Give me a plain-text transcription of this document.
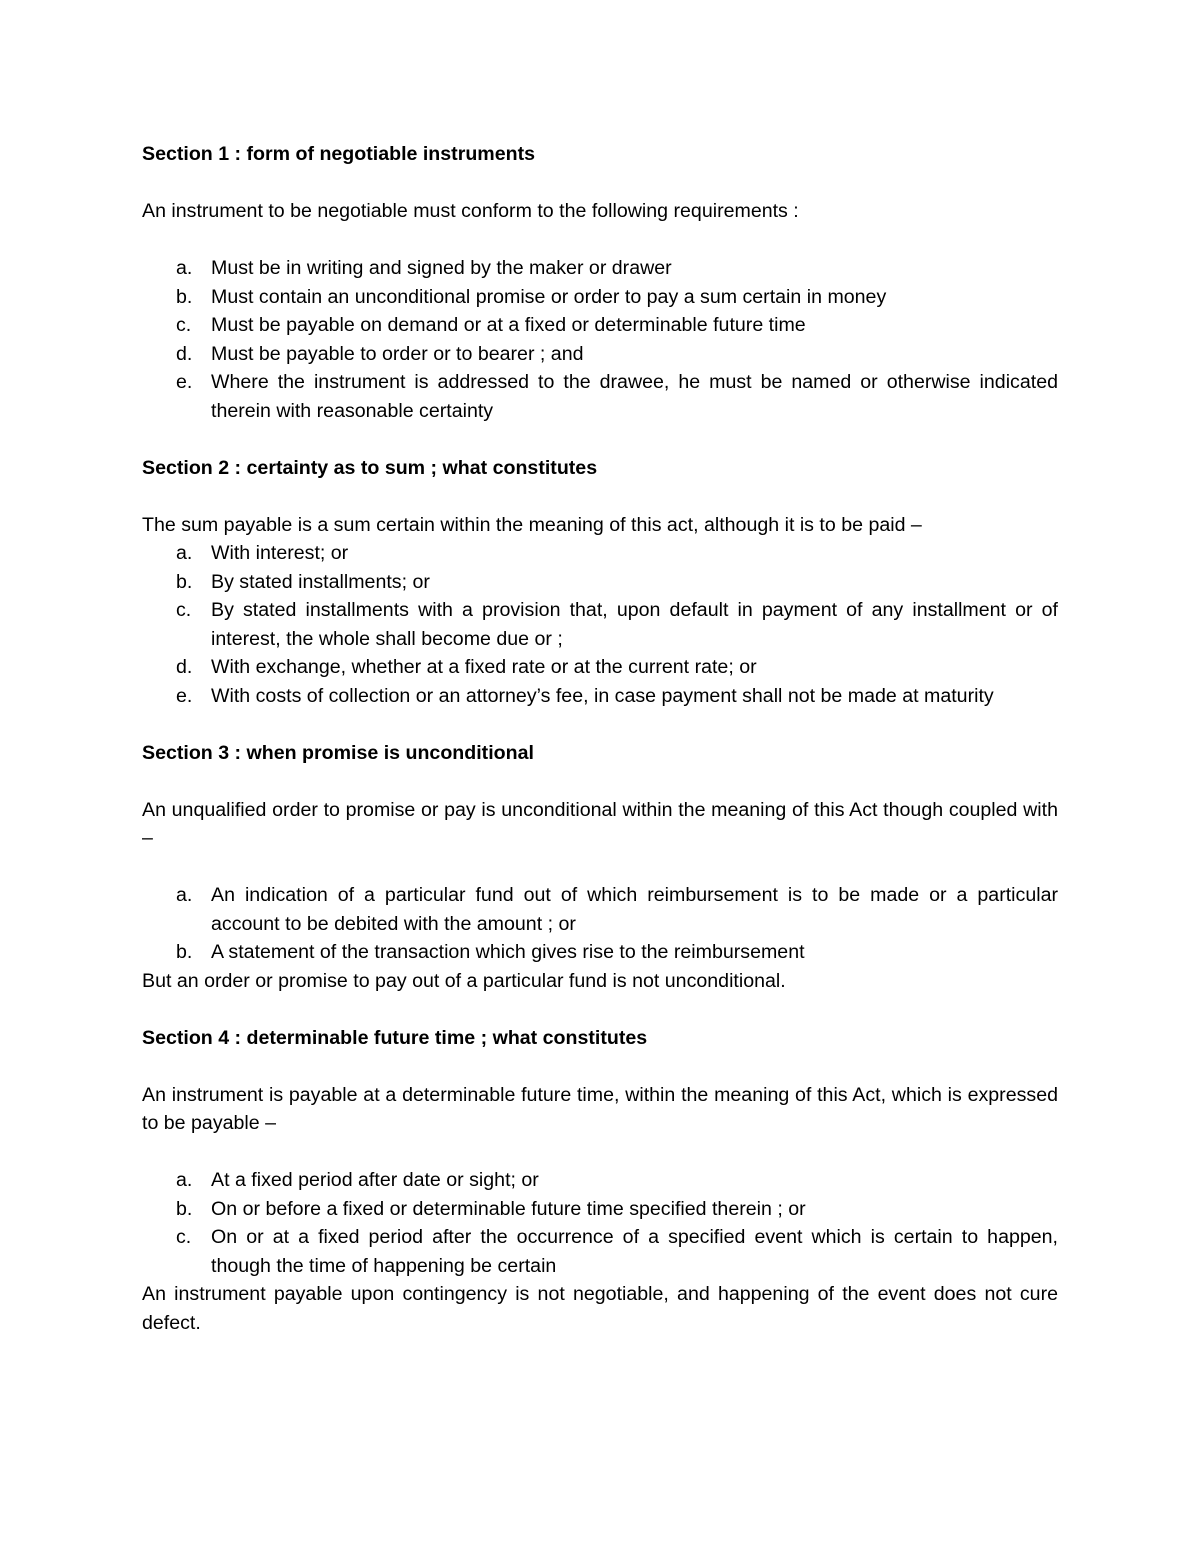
Section 1 : form of negotiable instruments

An instrument to be negotiable must conform to the following requirements :

a. Must be in writing and signed by the maker or drawer
b. Must contain an unconditional promise or order to pay a sum certain in money
c. Must be payable on demand or at a fixed or determinable future time
d. Must be payable to order or to bearer ; and
e. Where the instrument is addressed to the drawee, he must be named or otherwise indicated therein with reasonable certainty

Section 2 : certainty as to sum ; what constitutes

The sum payable is a sum certain within the meaning of this act, although it is to be paid –

a. With interest; or
b. By stated installments; or
c. By stated installments with a provision that, upon default in payment of any installment or of interest, the whole shall become due or ;
d. With exchange, whether at a fixed rate or at the current rate; or
e. With costs of collection or an attorney’s fee, in case payment shall not be made at maturity

Section 3 : when promise is unconditional

An unqualified order to promise or pay is unconditional within the meaning of this Act though coupled with –

a. An indication of a particular fund out of which reimbursement is to be made or a particular account to be debited with the amount ; or
b. A statement of the transaction which gives rise to the reimbursement

But an order or promise to pay out of a particular fund is not unconditional.

Section 4 : determinable future time ; what constitutes

An instrument is payable at a determinable future time, within the meaning of this Act, which is expressed to be payable –

a. At a fixed period after date or sight; or
b. On or before a fixed or determinable future time specified therein ; or
c. On or at a fixed period after the occurrence of a specified event which is certain to happen, though the time of happening be certain

An instrument payable upon contingency is not negotiable, and happening of the event does not cure defect.
